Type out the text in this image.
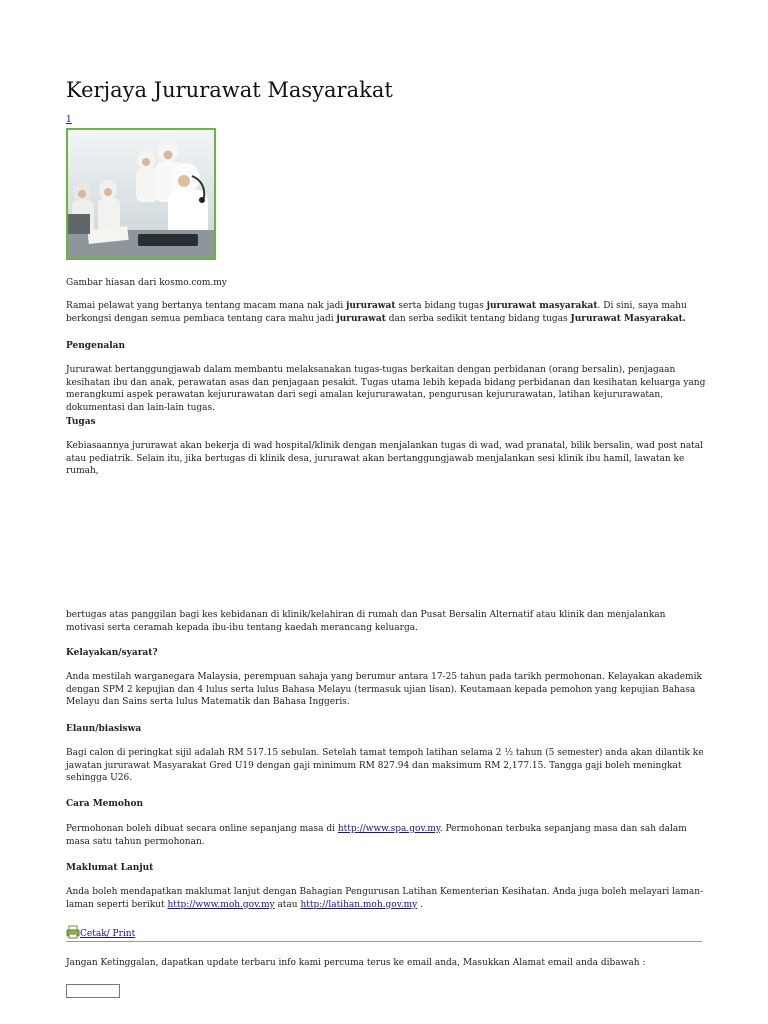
Kerjaya Jururawat Masyarakat
1
Gambar hiasan dari kosmo.com.my

Ramai pelawat yang bertanya tentang macam mana nak jadi jururawat serta bidang tugas jururawat masyarakat. Di sini, saya mahu berkongsi dengan semua pembaca tentang cara mahu jadi jururawat dan serba sedikit tentang bidang tugas Jururawat Masyarakat.

Pengenalan

Jururawat bertanggungjawab dalam membantu melaksanakan tugas-tugas berkaitan dengan perbidanan (orang bersalin), penjagaan kesihatan ibu dan anak, perawatan asas dan penjagaan pesakit. Tugas utama lebih kepada bidang perbidanan dan kesihatan keluarga yang merangkumi aspek perawatan kejururawatan dari segi amalan kejururawatan, pengurusan kejururawatan, latihan kejururawatan, dokumentasi dan lain-lain tugas.

Tugas

Kebiasaannya jururawat akan bekerja di wad hospital/klinik dengan menjalankan tugas di wad, wad pranatal, bilik bersalin, wad post natal atau pediatrik. Selain itu, jika bertugas di klinik desa, jururawat akan bertanggungjawab menjalankan sesi klinik ibu hamil, lawatan ke rumah,

bertugas atas panggilan bagi kes kebidanan di klinik/kelahiran di rumah dan Pusat Bersalin Alternatif atau klinik dan menjalankan motivasi serta ceramah kepada ibu-ibu tentang kaedah merancang keluarga.

Kelayakan/syarat?

Anda mestilah warganegara Malaysia, perempuan sahaja yang berumur antara 17-25 tahun pada tarikh permohonan. Kelayakan akademik dengan SPM 2 kepujian dan 4 lulus serta lulus Bahasa Melayu (termasuk ujian lisan). Keutamaan kepada pemohon yang kepujian Bahasa Melayu dan Sains serta lulus Matematik dan Bahasa Inggeris.

Elaun/biasiswa

Bagi calon di peringkat sijil adalah RM 517.15 sebulan. Setelah tamat tempoh latihan selama 2 ½ tahun (5 semester) anda akan dilantik ke jawatan jururawat Masyarakat Gred U19 dengan gaji minimum RM 827.94 dan maksimum RM 2,177.15. Tangga gaji boleh meningkat sehingga U26.

Cara Memohon

Permohonan boleh dibuat secara online sepanjang masa di http://www.spa.gov.my. Permohonan terbuka sepanjang masa dan sah dalam masa satu tahun permohonan.

Maklumat Lanjut

Anda boleh mendapatkan maklumat lanjut dengan Bahagian Pengurusan Latihan Kementerian Kesihatan. Anda juga boleh melayari laman-laman seperti berikut http://www.moh.gov.my atau http://latihan.moh.gov.my .

Cetak/ Print

Jangan Ketinggalan, dapatkan update terbaru info kami percuma terus ke email anda, Masukkan Alamat email anda dibawah :
